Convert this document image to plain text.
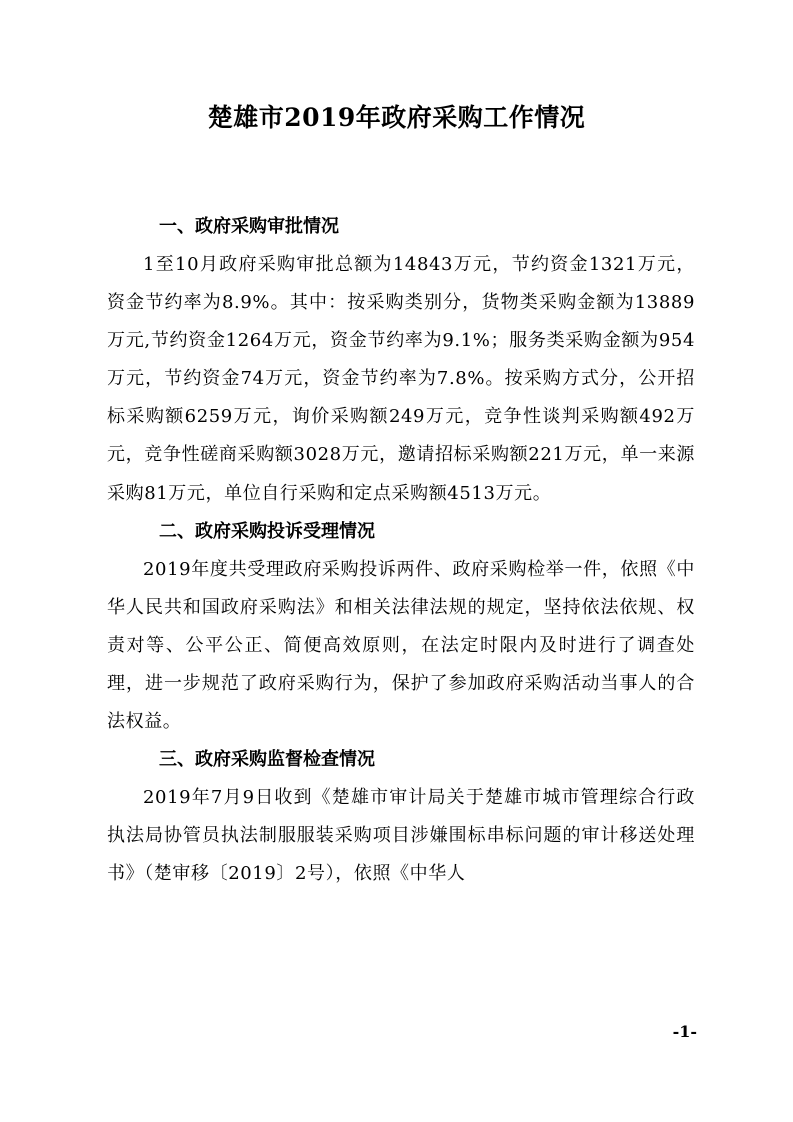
楚雄市2019年政府采购工作情况
一、政府采购审批情况

1至10月政府采购审批总额为14843万元，节约资金1321万元，资金节约率为8.9%。其中：按采购类别分，货物类采购金额为13889万元,节约资金1264万元，资金节约率为9.1%；服务类采购金额为954万元，节约资金74万元，资金节约率为7.8%。按采购方式分，公开招标采购额6259万元，询价采购额249万元，竞争性谈判采购额492万元，竞争性磋商采购额3028万元，邀请招标采购额221万元，单一来源采购81万元，单位自行采购和定点采购额4513万元。

二、政府采购投诉受理情况

2019年度共受理政府采购投诉两件、政府采购检举一件，依照《中华人民共和国政府采购法》和相关法律法规的规定，坚持依法依规、权责对等、公平公正、简便高效原则，在法定时限内及时进行了调查处理，进一步规范了政府采购行为，保护了参加政府采购活动当事人的合法权益。

三、政府采购监督检查情况

2019年7月9日收到《楚雄市审计局关于楚雄市城市管理综合行政执法局协管员执法制服服装采购项目涉嫌围标串标问题的审计移送处理书》（楚审移〔2019〕2号），依照《中华人

-1-
